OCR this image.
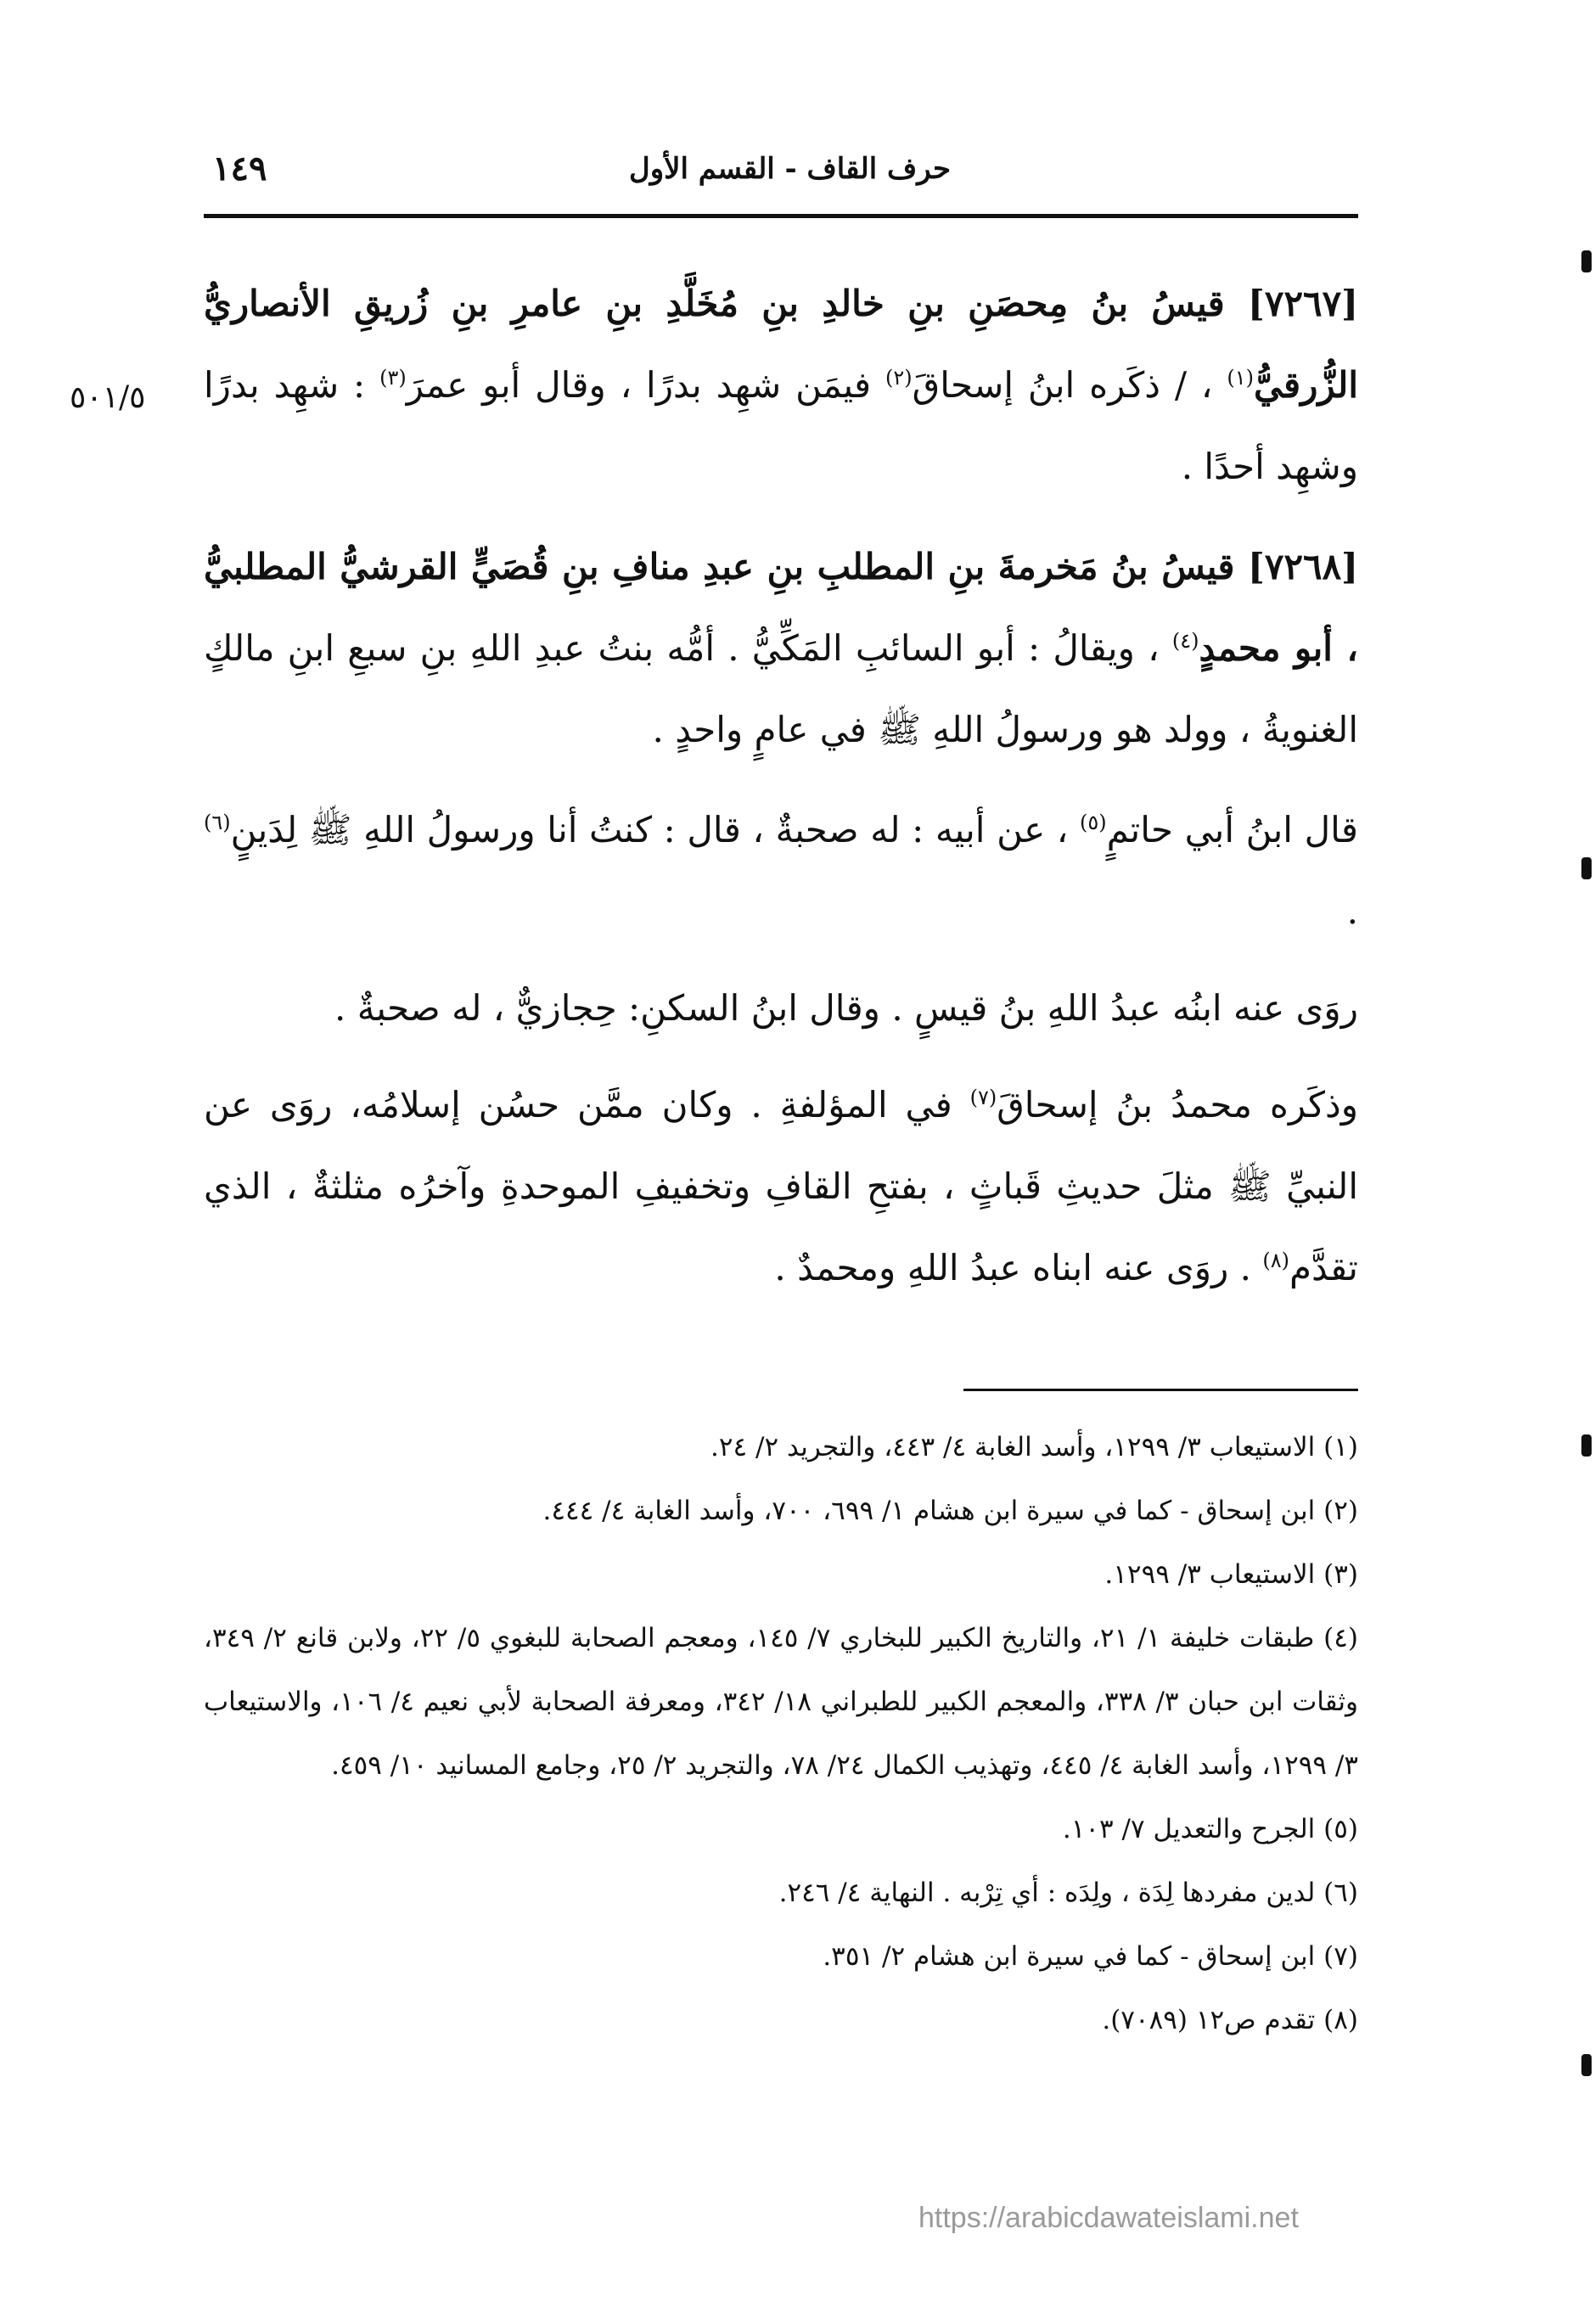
١٤٩	حرف القاف - القسم الأول
٥٠١/٥

[٧٢٦٧] قيسُ بنُ مِحصَنِ بنِ خالدِ بنِ مُخَلَّدِ بنِ عامرِ بنِ زُريقِ الأنصاريُّ الزُّرقيُّ$^{(١)}$ ، / ذكَره ابنُ إسحاقَ$^{(٢)}$ فيمَن شهِد بدرًا ، وقال أبو عمرَ$^{(٣)}$ : شهِد بدرًا وشهِد أحدًا .

[٧٢٦٨] قيسُ بنُ مَخرمةَ بنِ المطلبِ بنِ عبدِ منافِ بنِ قُصَيٍّ القرشيُّ المطلبيُّ ، أبو محمدٍ$^{(٤)}$ ، ويقالُ : أبو السائبِ المَكِّيُّ . أمُّه بنتُ عبدِ اللهِ بنِ سبعِ ابنِ مالكٍ الغنويةُ ، وولد هو ورسولُ اللهِ ﷺ في عامٍ واحدٍ .

قال ابنُ أبي حاتمٍ$^{(٥)}$ ، عن أبيه : له صحبةٌ ، قال : كنتُ أنا ورسولُ اللهِ ﷺ لِدَينٍ$^{(٦)}$ .

روَى عنه ابنُه عبدُ اللهِ بنُ قيسٍ . وقال ابنُ السكنِ: حِجازيٌّ ، له صحبةٌ .

وذكَره محمدُ بنُ إسحاقَ$^{(٧)}$ في المؤلفةِ . وكان ممَّن حسُن إسلامُه، روَى عن النبيِّ ﷺ مثلَ حديثِ قَباثٍ ، بفتحِ القافِ وتخفيفِ الموحدةِ وآخرُه مثلثةٌ ، الذي تقدَّم$^{(٨)}$ . روَى عنه ابناه عبدُ اللهِ ومحمدٌ .

(١) الاستيعاب ٣/ ١٢٩٩، وأسد الغابة ٤/ ٤٤٣، والتجريد ٢/ ٢٤.
(٢) ابن إسحاق - كما في سيرة ابن هشام ١/ ٦٩٩، ٧٠٠، وأسد الغابة ٤/ ٤٤٤.
(٣) الاستيعاب ٣/ ١٢٩٩.
(٤) طبقات خليفة ١/ ٢١، والتاريخ الكبير للبخاري ٧/ ١٤٥، ومعجم الصحابة للبغوي ٥/ ٢٢، ولابن قانع ٢/ ٣٤٩، وثقات ابن حبان ٣/ ٣٣٨، والمعجم الكبير للطبراني ١٨/ ٣٤٢، ومعرفة الصحابة لأبي نعيم ٤/ ١٠٦، والاستيعاب ٣/ ١٢٩٩، وأسد الغابة ٤/ ٤٤٥، وتهذيب الكمال ٢٤/ ٧٨، والتجريد ٢/ ٢٥، وجامع المسانيد ١٠/ ٤٥٩.
(٥) الجرح والتعديل ٧/ ١٠٣.
(٦) لدين مفردها لِدَة ، ولِدَه : أي تِرْبه . النهاية ٤/ ٢٤٦.
(٧) ابن إسحاق - كما في سيرة ابن هشام ٢/ ٣٥١.
(٨) تقدم ص١٢ (٧٠٨٩).
https://arabicdawateislami.net
